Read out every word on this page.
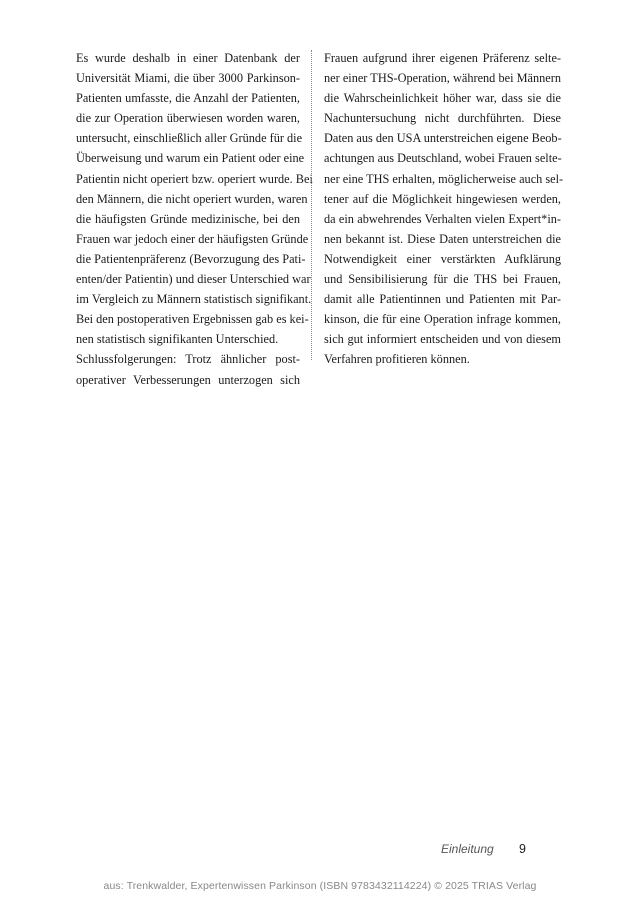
Es wurde deshalb in einer Datenbank der
Universität Miami, die über 3000 Parkinson-
Patienten umfasste, die Anzahl der Patienten,
die zur Operation überwiesen worden waren,
untersucht, einschließlich aller Gründe für die
Überweisung und warum ein Patient oder eine
Patientin nicht operiert bzw. operiert wurde. Bei
den Männern, die nicht operiert wurden, waren
die häufigsten Gründe medizinische, bei den
Frauen war jedoch einer der häufigsten Gründe
die Patientenpräferenz (Bevorzugung des Pati-
enten/der Patientin) und dieser Unterschied war
im Vergleich zu Männern statistisch signifikant.
Bei den postoperativen Ergebnissen gab es kei-
nen statistisch signifikanten Unterschied.

Schlussfolgerungen: Trotz ähnlicher post-
operativer Verbesserungen unterzogen sich

Frauen aufgrund ihrer eigenen Präferenz selte-
ner einer THS-Operation, während bei Männern
die Wahrscheinlichkeit höher war, dass sie die
Nachuntersuchung nicht durchführten. Diese
Daten aus den USA unterstreichen eigene Beob-
achtungen aus Deutschland, wobei Frauen selte-
ner eine THS erhalten, möglicherweise auch sel-
tener auf die Möglichkeit hingewiesen werden,
da ein abwehrendes Verhalten vielen Expert*in-
nen bekannt ist. Diese Daten unterstreichen die
Notwendigkeit einer verstärkten Aufklärung
und Sensibilisierung für die THS bei Frauen,
damit alle Patientinnen und Patienten mit Par-
kinson, die für eine Operation infrage kommen,
sich gut informiert entscheiden und von diesem
Verfahren profitieren können.

Einleitung 9
aus: Trenkwalder, Expertenwissen Parkinson (ISBN 9783432114224) © 2025 TRIAS Verlag
